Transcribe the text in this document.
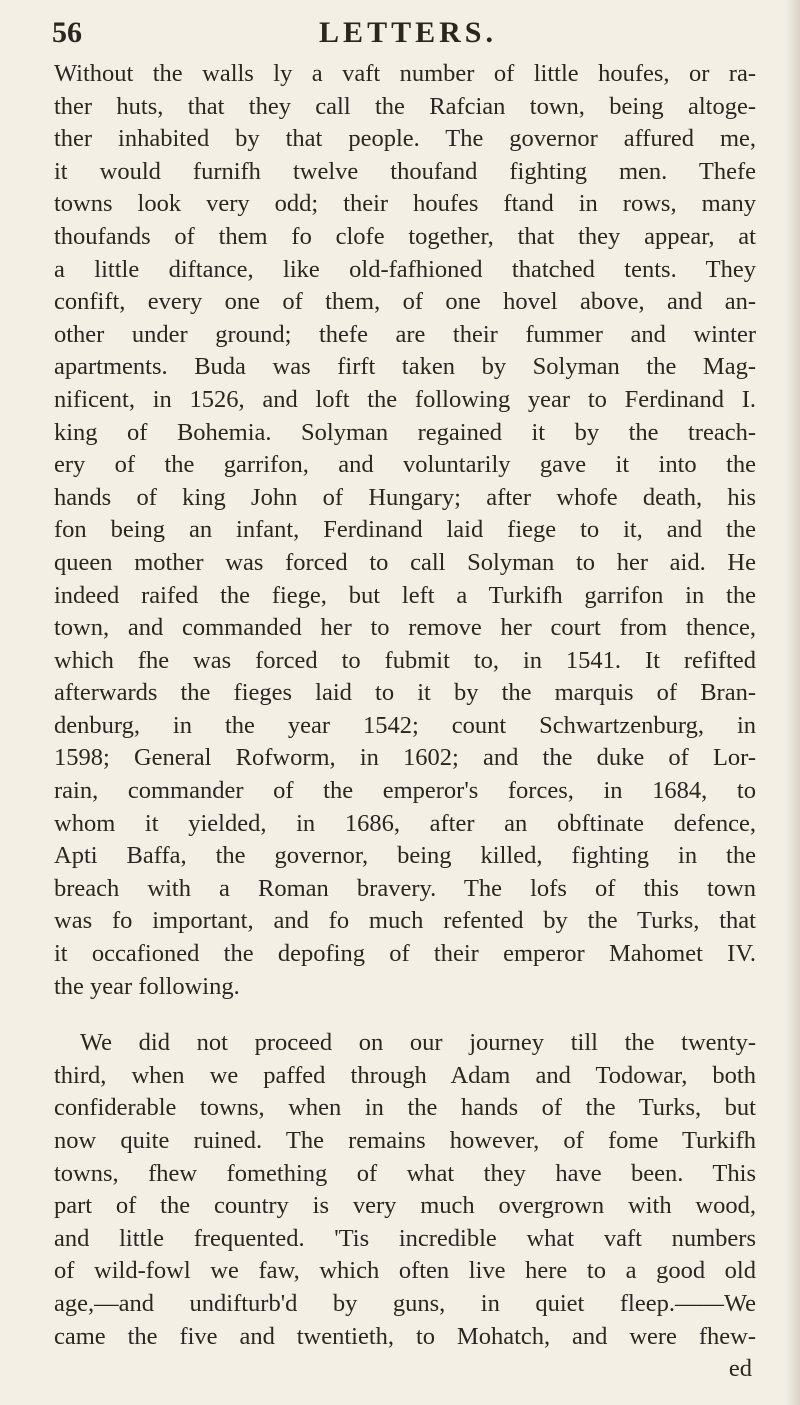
56	LETTERS.
Without the walls ly a vaft number of little houfes, or ra-
ther huts, that they call the Rafcian town, being altoge-
ther inhabited by that people. The governor affured me,
it would furnifh twelve thoufand fighting men. Thefe
towns look very odd; their houfes ftand in rows, many
thoufands of them fo clofe together, that they appear, at
a little diftance, like old-fafhioned thatched tents. They
confift, every one of them, of one hovel above, and an-
other under ground; thefe are their fummer and winter
apartments. Buda was firft taken by Solyman the Mag-
nificent, in 1526, and loft the following year to Ferdinand I.
king of Bohemia. Solyman regained it by the treach-
ery of the garrifon, and voluntarily gave it into the
hands of king John of Hungary; after whofe death, his
fon being an infant, Ferdinand laid fiege to it, and the
queen mother was forced to call Solyman to her aid. He
indeed raifed the fiege, but left a Turkifh garrifon in the
town, and commanded her to remove her court from thence,
which fhe was forced to fubmit to, in 1541. It refifted
afterwards the fieges laid to it by the marquis of Bran-
denburg, in the year 1542; count Schwartzenburg, in
1598; General Rofworm, in 1602; and the duke of Lor-
rain, commander of the emperor's forces, in 1684, to
whom it yielded, in 1686, after an obftinate defence,
Apti Baffa, the governor, being killed, fighting in the
breach with a Roman bravery. The lofs of this town
was fo important, and fo much refented by the Turks, that
it occafioned the depofing of their emperor Mahomet IV.
the year following.
We did not proceed on our journey till the twenty-
third, when we paffed through Adam and Todowar, both
confiderable towns, when in the hands of the Turks, but
now quite ruined. The remains however, of fome Turkifh
towns, fhew fomething of what they have been. This
part of the country is very much overgrown with wood,
and little frequented. 'Tis incredible what vaft numbers
of wild-fowl we faw, which often live here to a good old
age,—and undifturb'd by guns, in quiet fleep.——We
came the five and twentieth, to Mohatch, and were fhew-
ed
